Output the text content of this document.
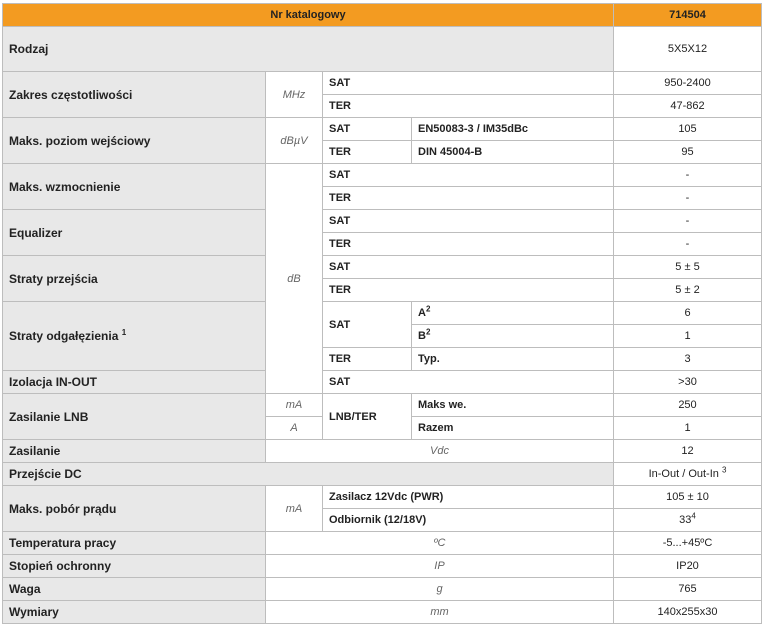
Nr katalogowy				714504
Rodzaj				5X5X12
Zakres częstotliwości	MHz	SAT		950-2400
		TER		47-862
Maks. poziom wejściowy	dBµV	SAT	EN50083-3 / IM35dBc	105
		TER	DIN 45004-B	95
Maks. wzmocnienie	dB	SAT		-
		TER		-
Equalizer		SAT		-
		TER		-
Straty przejścia		SAT		5 ± 5
		TER		5 ± 2
Straty odgałęzienia $^1$		SAT	$A^2$	6
			$B^2$	1
		TER	Typ.	3
Izolacja IN-OUT		SAT		>30
Zasilanie LNB	mA	LNB/TER	Maks we.	250
	A		Razem	1
Zasilanie	Vdc			12
Przejście DC				In-Out / Out-In $^3$
Maks. pobór prądu	mA	Zasilacz 12Vdc (PWR)		105 ± 10
		Odbiornik (12/18V)		$33^4$
Temperatura pracy	ºC			-5...+45ºC
Stopień ochronny	IP			IP20
Waga	g			765
Wymiary	mm			140x255x30
